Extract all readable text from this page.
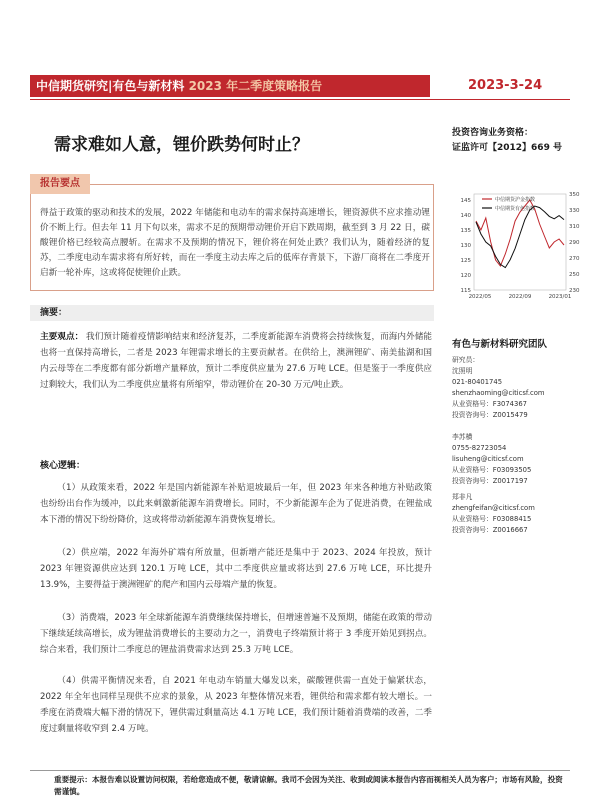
中信期货研究|有色与新材料 2023 年二季度策略报告	2023-3-24
需求难如人意，锂价跌势何时止？
投资咨询业务资格：
证监许可【2012】669 号
报告要点
得益于政策的驱动和技术的发展，2022 年储能和电动车的需求保持高速增长，锂资源供不应求推动锂价不断上行。但去年 11 月下旬以来，需求不足的预期带动锂价开启下跌周期，截至到 3 月 22 日，碳酸锂价格已经较高点腰斩。在需求不及预期的情况下，锂价将在何处止跌？我们认为，随着经济的复苏，二季度电动车需求将有所好转，而在一季度主动去库之后的低库存背景下，下游厂商将在二季度开启新一轮补库，这或将促使锂价止跌。
115
120
125
130
135
140
145
230
250
270
290
310
330
350
2022/05	2022/09	2023/01
中信期货沪金指数
中信期货有色指数
摘要：
主要观点： 我们预计随着疫情影响结束和经济复苏，二季度新能源车消费将会持续恢复，而海内外储能也将一直保持高增长，二者是 2023 年锂需求增长的主要贡献者。在供给上，澳洲锂矿、南美盐湖和国内云母等在二季度都有部分新增产量释放，预计二季度供应量为 27.6 万吨 LCE。但是鉴于一季度供应过剩较大，我们认为二季度供应量将有所缩窄，带动锂价在 20-30 万元/吨止跌。
核心逻辑：
（1）从政策来看，2022 年是国内新能源车补贴退坡最后一年，但 2023 年来各种地方补贴政策也纷纷出台作为缓冲，以此来刺激新能源车消费增长。同时，不少新能源车企为了促进消费，在锂盐成本下滑的情况下纷纷降价，这或将带动新能源车消费恢复增长。
（2）供应端，2022 年海外矿端有所放量，但新增产能还是集中于 2023、2024 年投放，预计 2023 年锂资源供应达到 120.1 万吨 LCE，其中二季度供应量或将达到 27.6 万吨 LCE，环比提升 13.9%，主要得益于澳洲锂矿的爬产和国内云母端产量的恢复。
（3）消费端，2023 年全球新能源车消费继续保持增长，但增速普遍不及预期，储能在政策的带动下继续延续高增长，成为锂盐消费增长的主要动力之一，消费电子终端预计将于 3 季度开始见到拐点。综合来看，我们预计二季度总的锂盐消费需求达到 25.3 万吨 LCE。
（4）供需平衡情况来看，自 2021 年电动车销量大爆发以来，碳酸锂供需一直处于偏紧状态，2022 年全年也同样呈现供不应求的景象，从 2023 年整体情况来看，锂供给和需求都有较大增长。一季度在消费端大幅下滑的情况下，锂供需过剩量高达 4.1 万吨 LCE，我们预计随着消费端的改善，二季度过剩量将收窄到 2.4 万吨。
有色与新材料研究团队
研究员：
沈照明
021-80401745
shenzhaoming@citicsf.com
从业资格号：F3074367
投资咨询号：Z0015479
李苏横
0755-82723054
lisuheng@citicsf.com
从业资格号：F03093505
投资咨询号：Z0017197
郑非凡
zhengfeifan@citicsf.com
从业资格号：F03088415
投资咨询号：Z0016667
重要提示：本报告难以设置访问权限，若给您造成不便，敬请谅解。我司不会因为关注、收到或阅读本报告内容而视相关人员为客户；市场有风险，投资需谨慎。
